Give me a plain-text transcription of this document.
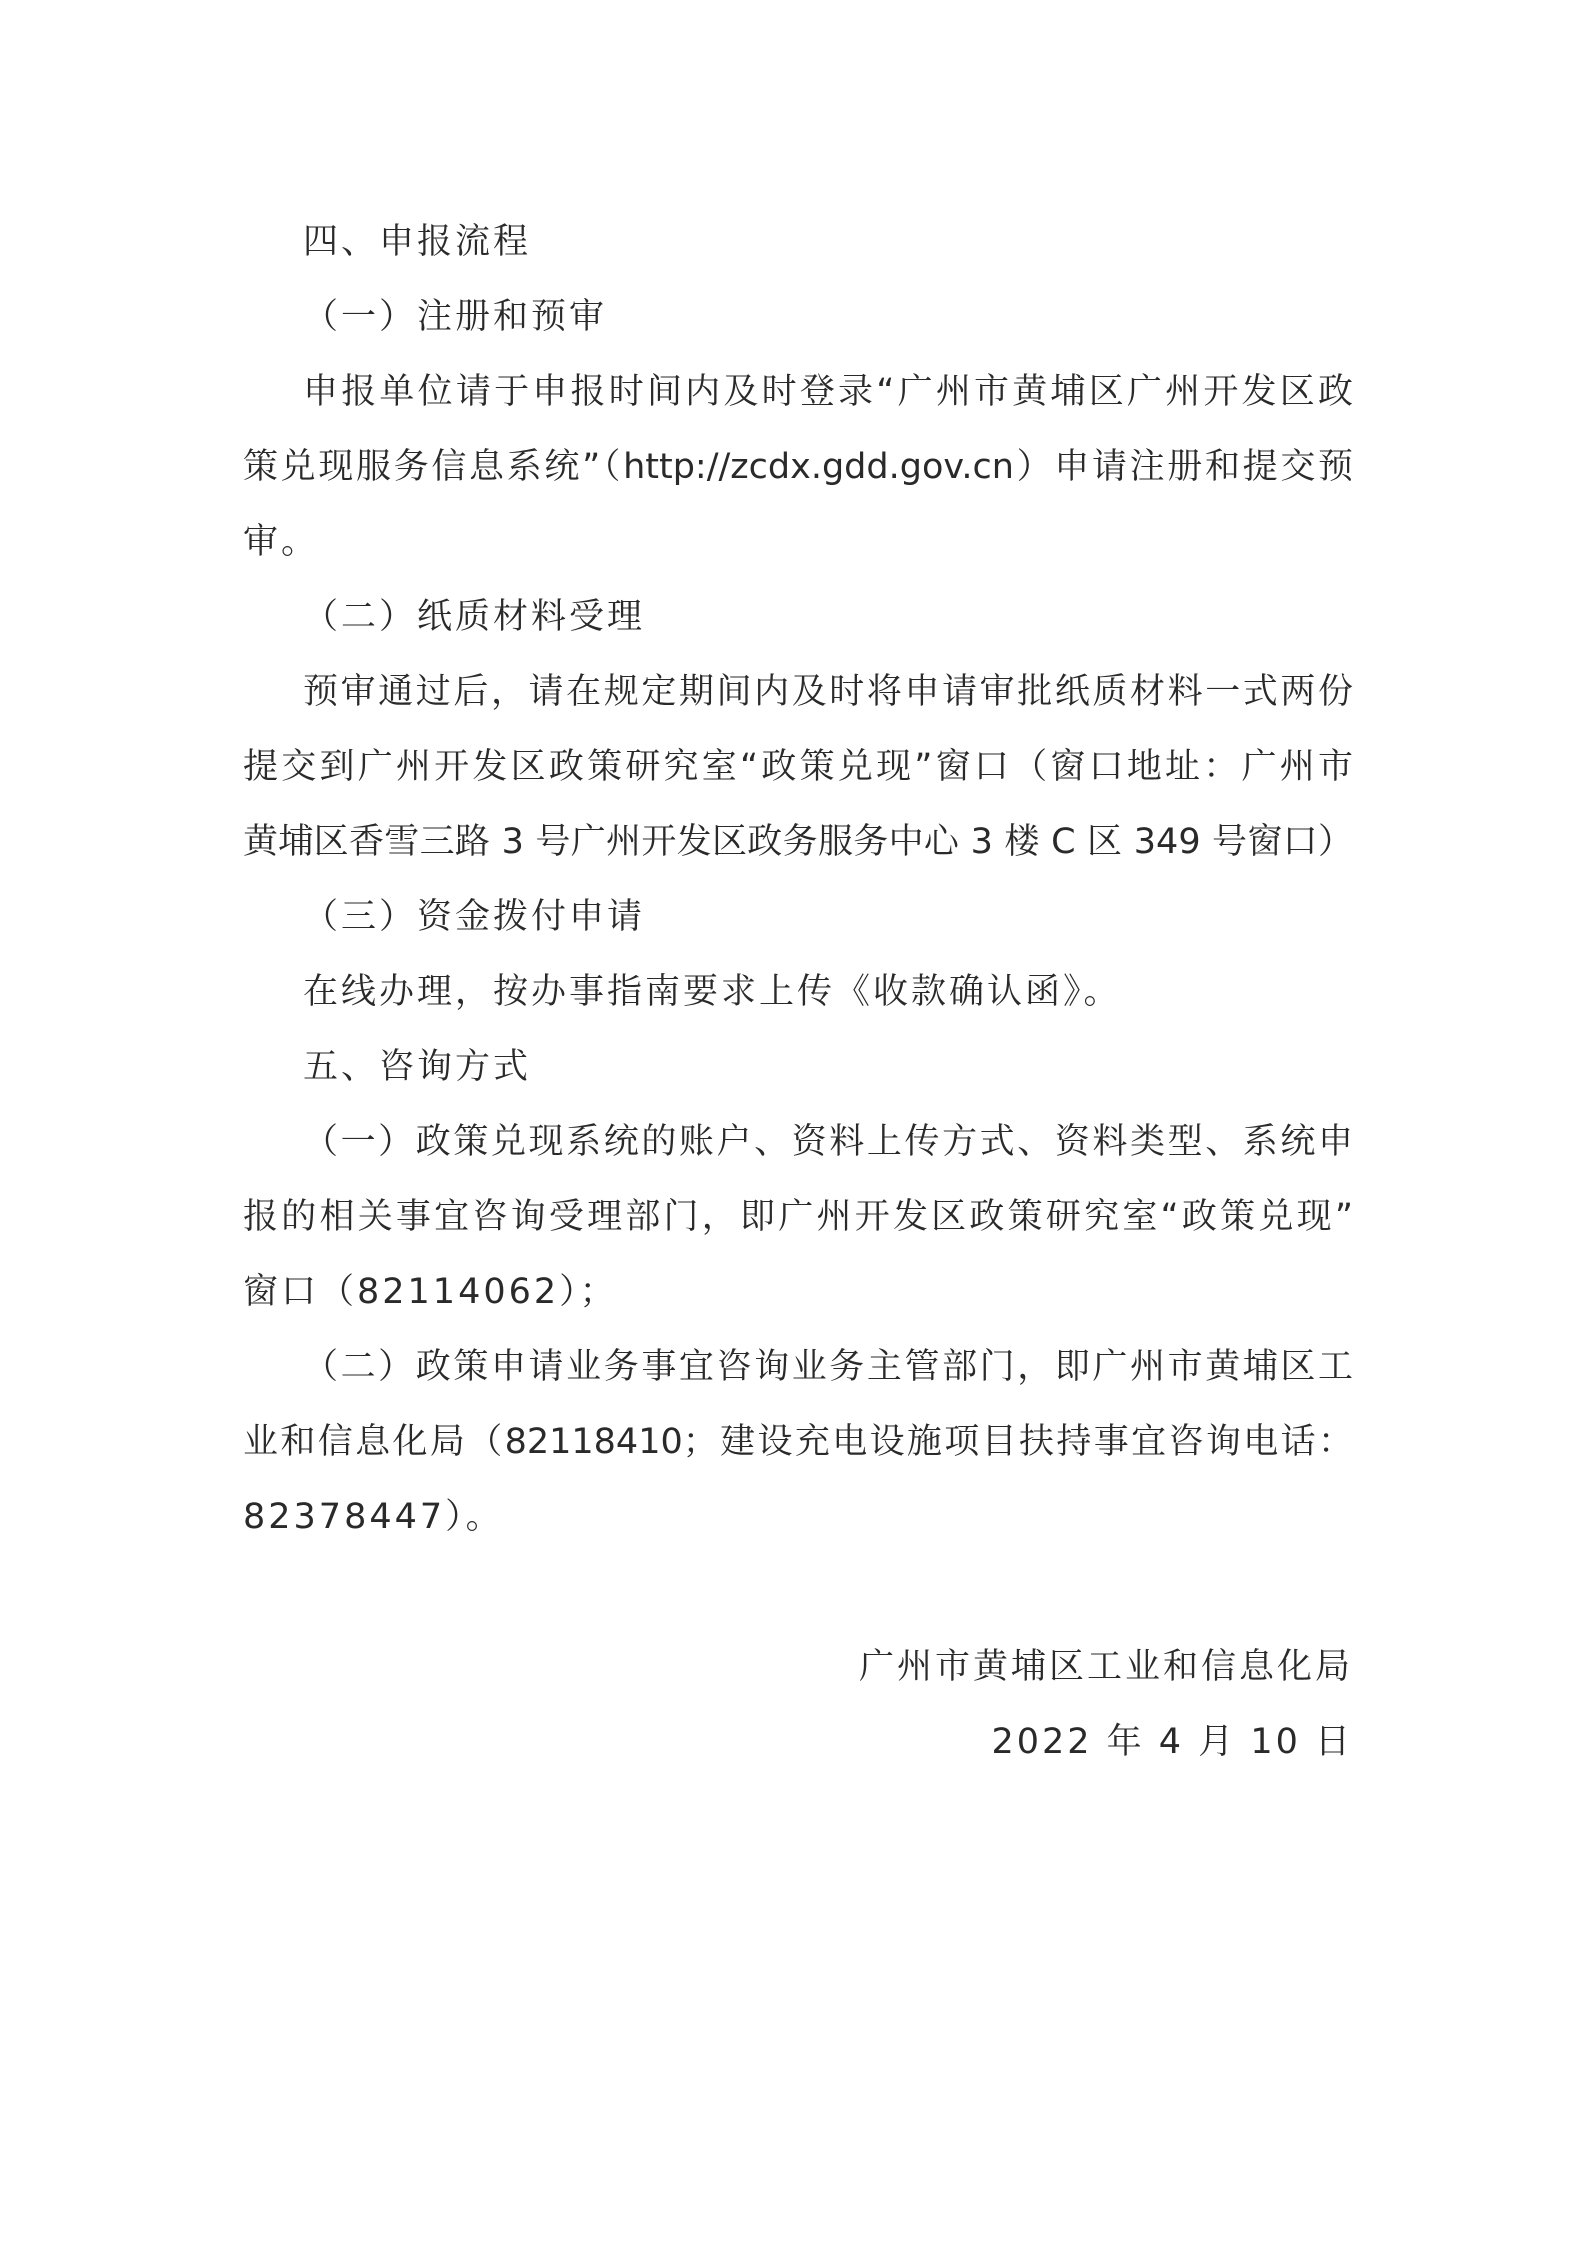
四、申报流程
（一）注册和预审
申报单位请于申报时间内及时登录“广州市黄埔区广州开发区政
策兑现服务信息系统”（http://zcdx.gdd.gov.cn）申请注册和提交预
审。
（二）纸质材料受理
预审通过后，请在规定期间内及时将申请审批纸质材料一式两份
提交到广州开发区政策研究室“政策兑现”窗口（窗口地址：广州市
黄埔区香雪三路 3 号广州开发区政务服务中心 3 楼 C 区 349 号窗口）
（三）资金拨付申请
在线办理，按办事指南要求上传《收款确认函》。
五、咨询方式
（一）政策兑现系统的账户、资料上传方式、资料类型、系统申
报的相关事宜咨询受理部门，即广州开发区政策研究室“政策兑现”
窗口（82114062）；
（二）政策申请业务事宜咨询业务主管部门，即广州市黄埔区工
业和信息化局（82118410；建设充电设施项目扶持事宜咨询电话：
82378447）。
广州市黄埔区工业和信息化局
2022 年 4 月 10 日
